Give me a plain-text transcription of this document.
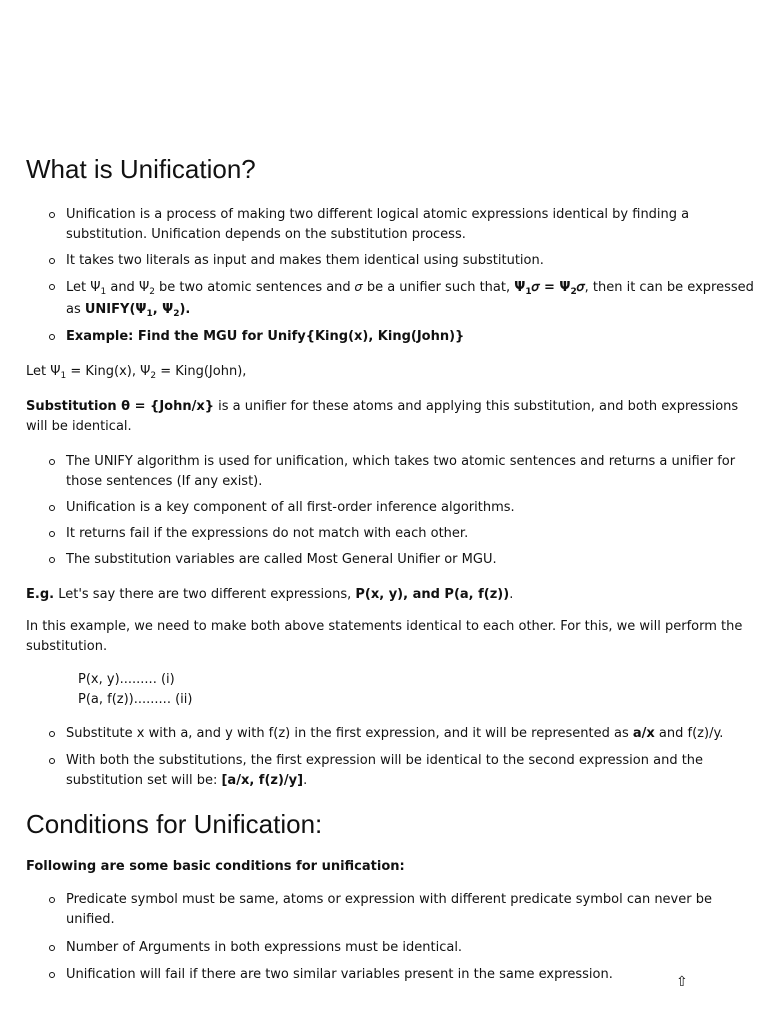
What is Unification?
Unification is a process of making two different logical atomic expressions identical by finding a substitution. Unification depends on the substitution process.
It takes two literals as input and makes them identical using substitution.
Let $\Psi_1$ and $\Psi_2$ be two atomic sentences and 𝜎 be a unifier such that, $\Psi_1𝜎$ = $\Psi_2𝜎$, then it can be expressed as $UNIFY(\Psi_1$, $\Psi_2$).
Example: Find the MGU for Unify{King(x), King(John)}

Let $\Psi_1$ = King(x), $\Psi_2$ = King(John),

Substitution θ = {John/x} is a unifier for these atoms and applying this substitution, and both expressions will be identical.

The UNIFY algorithm is used for unification, which takes two atomic sentences and returns a unifier for those sentences (If any exist).
Unification is a key component of all first-order inference algorithms.
It returns fail if the expressions do not match with each other.
The substitution variables are called Most General Unifier or MGU.

E.g. Let's say there are two different expressions, P(x, y), and P(a, f(z)).

In this example, we need to make both above statements identical to each other. For this, we will perform the substitution.

P(x, y)......... (i)
P(a, f(z))......... (ii)
Substitute x with a, and y with f(z) in the first expression, and it will be represented as a/x and f(z)/y.
With both the substitutions, the first expression will be identical to the second expression and the substitution set will be: [a/x, f(z)/y].
Conditions for Unification:

Following are some basic conditions for unification:

Predicate symbol must be same, atoms or expression with different predicate symbol can never be unified.
Number of Arguments in both expressions must be identical.
Unification will fail if there are two similar variables present in the same expression.	⇧
